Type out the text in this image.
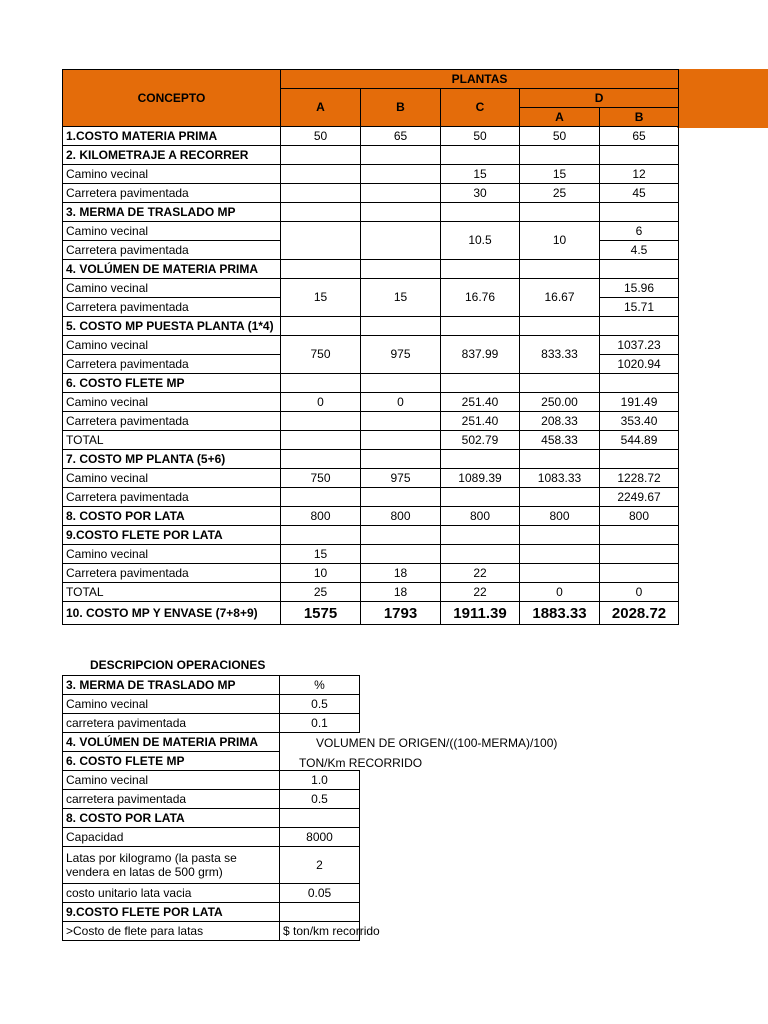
CONCEPTO	PLANTAS				
	A	B	C	D	
				A	B
1.COSTO MATERIA PRIMA	50	65	50	50	65
2. KILOMETRAJE A RECORRER					
Camino vecinal			15	15	12
Carretera pavimentada			30	25	45
3. MERMA DE TRASLADO MP					
Camino vecinal			10.5	10	6
Carretera pavimentada					4.5
4. VOLÚMEN DE MATERIA PRIMA					
Camino vecinal	15	15	16.76	16.67	15.96
Carretera pavimentada					15.71
5. COSTO MP PUESTA PLANTA (1*4)					
Camino vecinal	750	975	837.99	833.33	1037.23
Carretera pavimentada					1020.94
6. COSTO FLETE MP					
Camino vecinal	0	0	251.40	250.00	191.49
Carretera pavimentada			251.40	208.33	353.40
TOTAL			502.79	458.33	544.89
7. COSTO MP PLANTA (5+6)					
Camino vecinal	750	975	1089.39	1083.33	1228.72
Carretera pavimentada					2249.67
8. COSTO POR LATA	800	800	800	800	800
9.COSTO FLETE POR LATA					
Camino vecinal	15				
Carretera pavimentada	10	18	22		
TOTAL	25	18	22	0	0
10. COSTO MP Y ENVASE (7+8+9)	1575	1793	1911.39	1883.33	2028.72
DESCRIPCION OPERACIONES
3. MERMA DE TRASLADO MP	%
Camino vecinal	0.5
carretera pavimentada	0.1
4. VOLÚMEN DE MATERIA PRIMA	
6. COSTO FLETE MP	
Camino vecinal	1.0
carretera pavimentada	0.5
8. COSTO POR LATA	
Capacidad	8000
Latas por kilogramo (la pasta se vendera en latas de 500 grm)	2
costo unitario lata vacia	0.05
9.COSTO FLETE POR LATA	
>Costo de flete para latas	$ ton/km recorrido
VOLUMEN DE ORIGEN/((100-MERMA)/100)
TON/Km RECORRIDO
